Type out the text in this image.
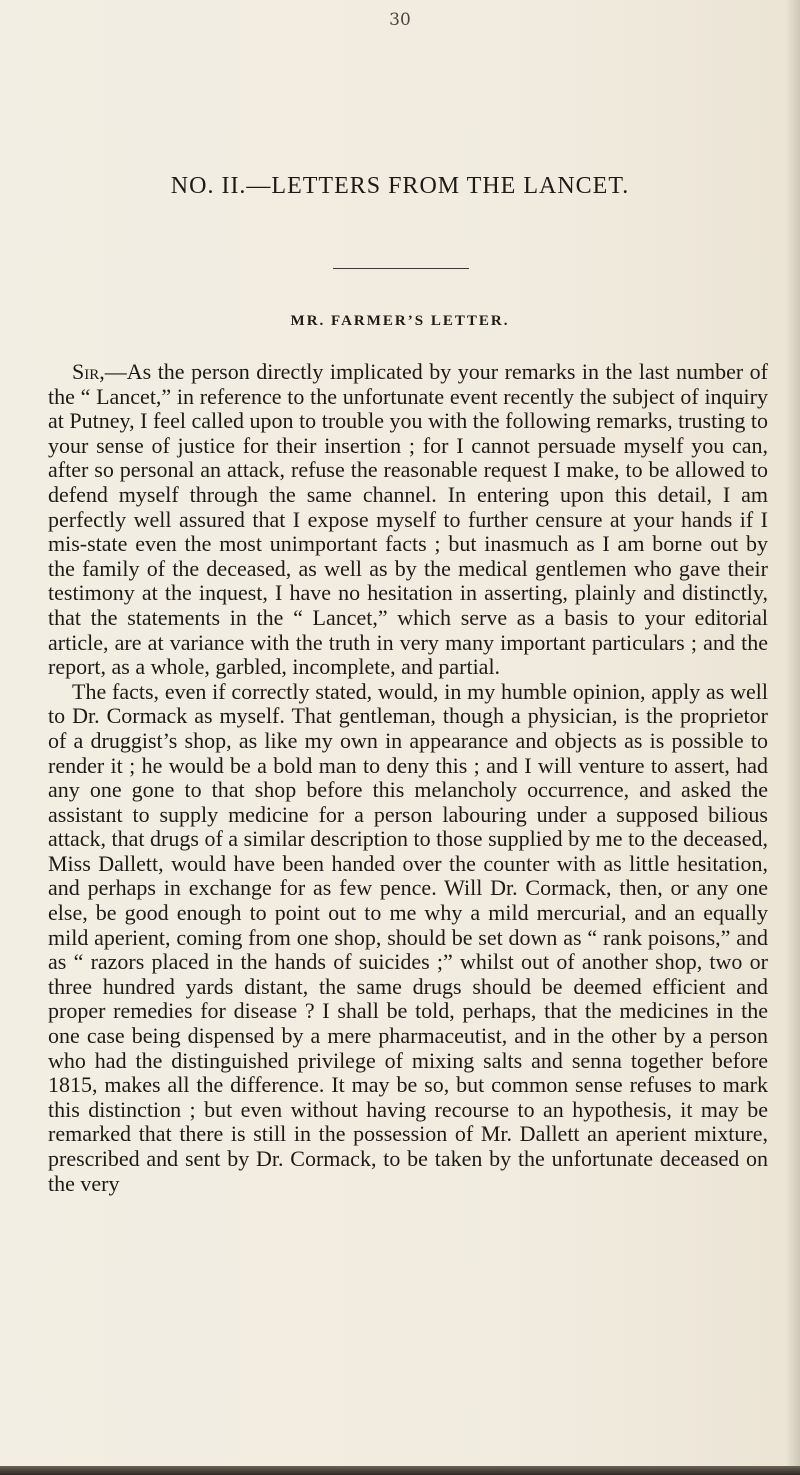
30
NO. II.—LETTERS FROM THE LANCET.
MR. FARMER’S LETTER.

Sir,—As the person directly implicated by your remarks in the last number of the “ Lancet,” in reference to the unfortunate event recently the subject of inquiry at Putney, I feel called upon to trouble you with the following remarks, trusting to your sense of justice for their insertion ; for I cannot persuade myself you can, after so personal an attack, refuse the reasonable request I make, to be allowed to defend myself through the same channel. In entering upon this detail, I am perfectly well assured that I expose myself to further censure at your hands if I mis-state even the most unimportant facts ; but inasmuch as I am borne out by the family of the deceased, as well as by the medical gentlemen who gave their testimony at the inquest, I have no hesitation in asserting, plainly and distinctly, that the statements in the “ Lancet,” which serve as a basis to your editorial article, are at variance with the truth in very many important particulars ; and the report, as a whole, garbled, incomplete, and partial.

The facts, even if correctly stated, would, in my humble opinion, apply as well to Dr. Cormack as myself. That gentleman, though a physician, is the proprietor of a druggist’s shop, as like my own in appearance and objects as is possible to render it ; he would be a bold man to deny this ; and I will venture to assert, had any one gone to that shop before this melancholy occurrence, and asked the assistant to supply medicine for a person labouring under a supposed bilious attack, that drugs of a similar description to those supplied by me to the deceased, Miss Dallett, would have been handed over the counter with as little hesitation, and perhaps in exchange for as few pence. Will Dr. Cormack, then, or any one else, be good enough to point out to me why a mild mercurial, and an equally mild aperient, coming from one shop, should be set down as “ rank poisons,” and as “ razors placed in the hands of suicides ;” whilst out of another shop, two or three hundred yards distant, the same drugs should be deemed efficient and proper remedies for disease ? I shall be told, perhaps, that the medicines in the one case being dispensed by a mere pharmaceutist, and in the other by a person who had the distinguished privilege of mixing salts and senna together before 1815, makes all the difference. It may be so, but common sense refuses to mark this distinction ; but even without having recourse to an hypothesis, it may be remarked that there is still in the possession of Mr. Dallett an aperient mixture, prescribed and sent by Dr. Cormack, to be taken by the unfortunate deceased on the very
